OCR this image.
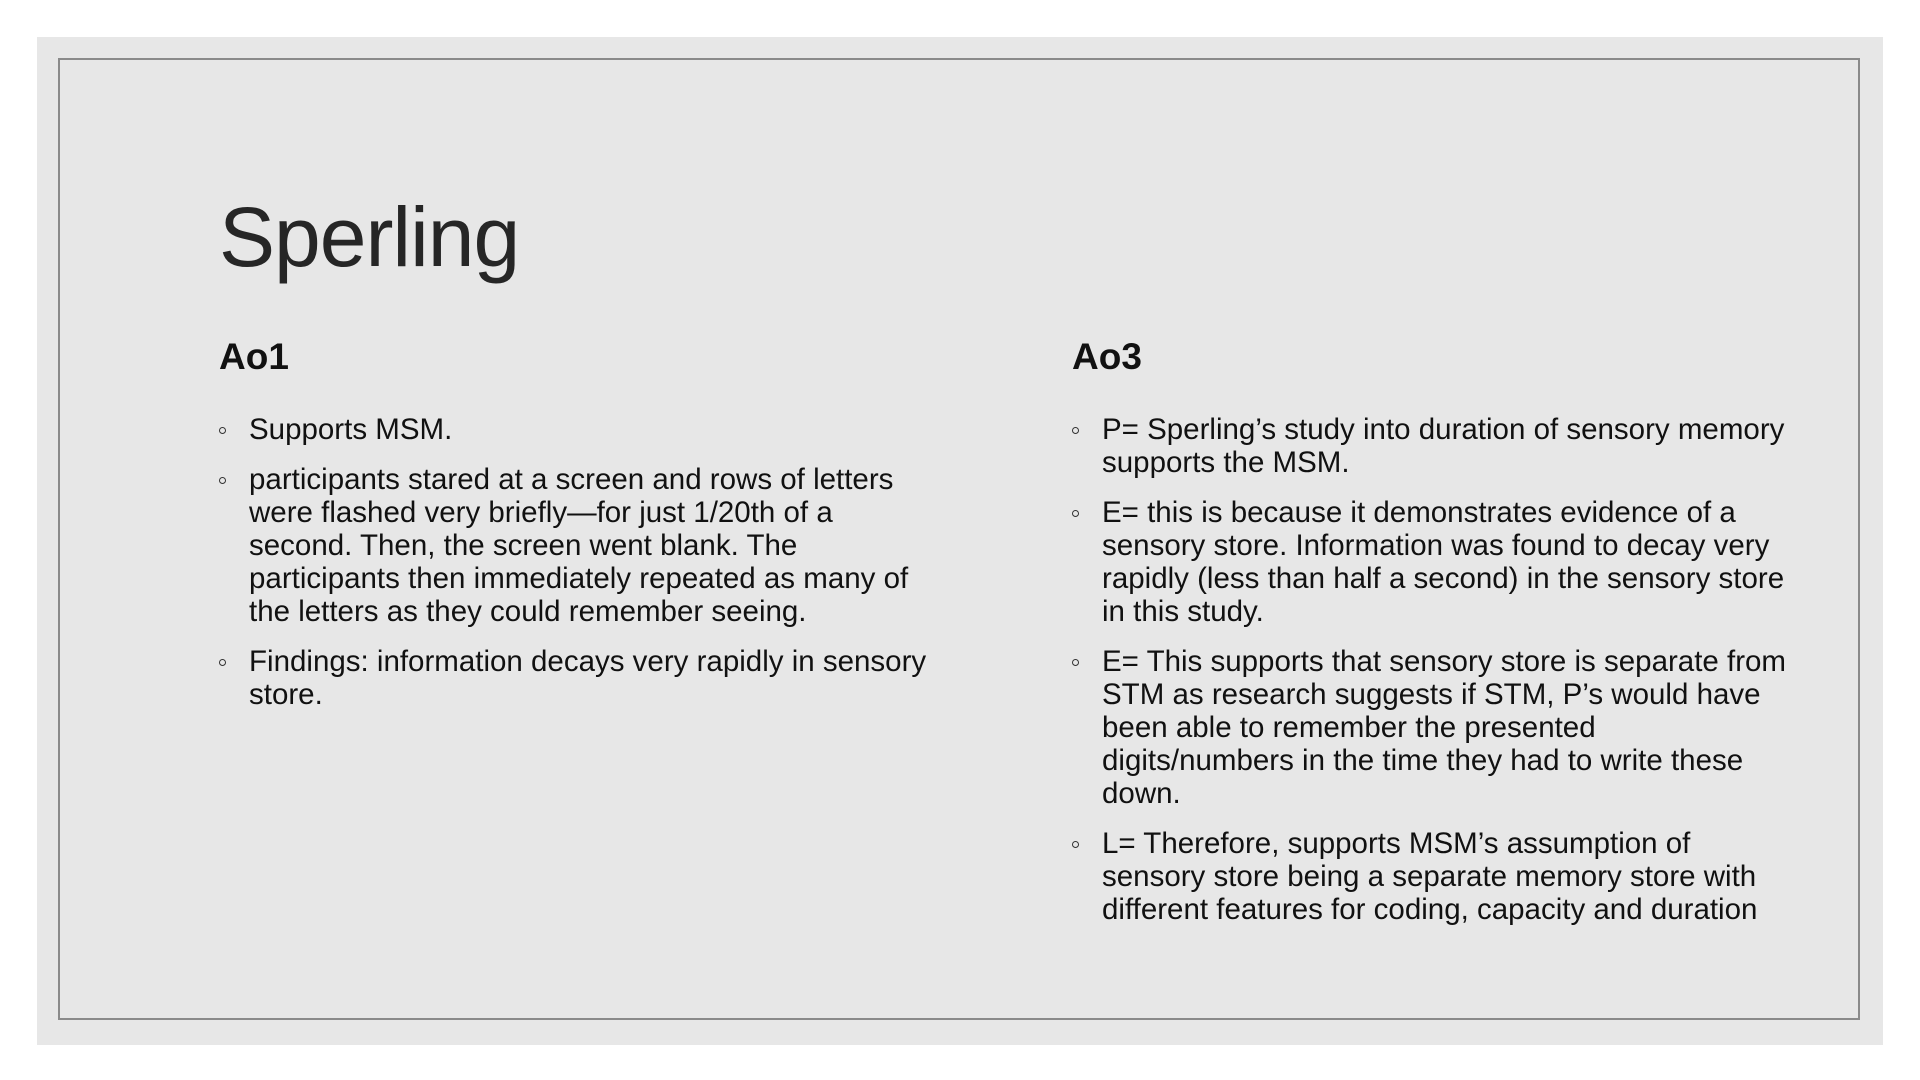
Sperling
Ao1
Supports MSM.
participants stared at a screen and rows of letters were flashed very briefly—for just 1/20th of a second. Then, the screen went blank. The participants then immediately repeated as many of the letters as they could remember seeing.
Findings: information decays very rapidly in sensory store.
Ao3
P= Sperling’s study into duration of sensory memory supports the MSM.
E= this is because it demonstrates evidence of a sensory store. Information was found to decay very rapidly (less than half a second) in the sensory store in this study.
E= This supports that sensory store is separate from STM as research suggests if STM, P’s would have been able to remember the presented digits/numbers in the time they had to write these down.
L= Therefore, supports MSM’s assumption of sensory store being a separate memory store with different features for coding, capacity and duration
